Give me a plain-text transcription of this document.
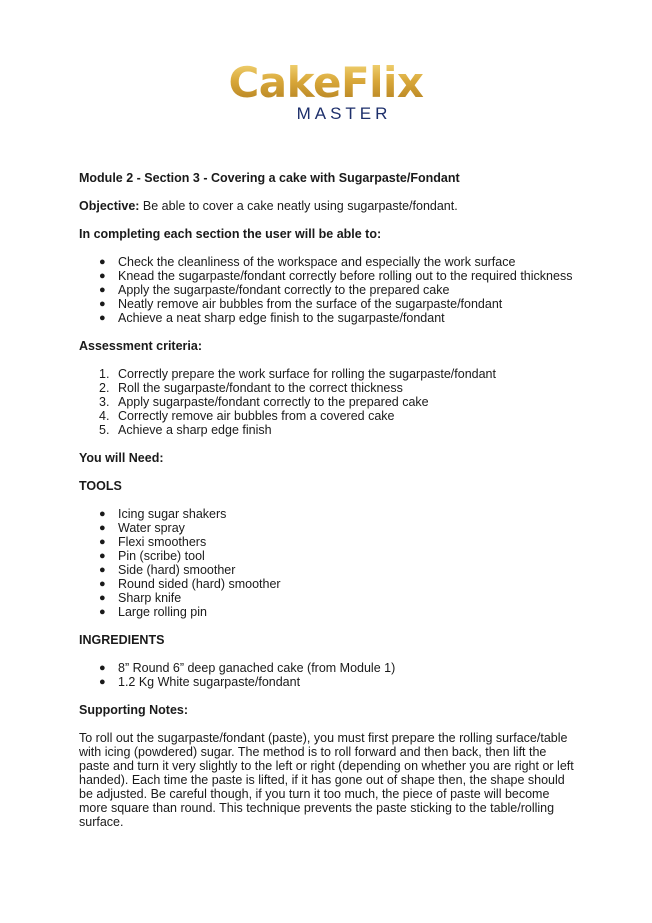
CakeFlix
MASTER

Module 2 - Section 3 - Covering a cake with Sugarpaste/Fondant

Objective: Be able to cover a cake neatly using sugarpaste/fondant.

In completing each section the user will be able to:

● Check the cleanliness of the workspace and especially the work surface
● Knead the sugarpaste/fondant correctly before rolling out to the required thickness
● Apply the sugarpaste/fondant correctly to the prepared cake
● Neatly remove air bubbles from the surface of the sugarpaste/fondant
● Achieve a neat sharp edge finish to the sugarpaste/fondant

Assessment criteria:

1. Correctly prepare the work surface for rolling the sugarpaste/fondant
2. Roll the sugarpaste/fondant to the correct thickness
3. Apply sugarpaste/fondant correctly to the prepared cake
4. Correctly remove air bubbles from a covered cake
5. Achieve a sharp edge finish

You will Need:

TOOLS

● Icing sugar shakers
● Water spray
● Flexi smoothers
● Pin (scribe) tool
● Side (hard) smoother
● Round sided (hard) smoother
● Sharp knife
● Large rolling pin

INGREDIENTS

● 8” Round 6” deep ganached cake (from Module 1)
● 1.2 Kg White sugarpaste/fondant

Supporting Notes:

To roll out the sugarpaste/fondant (paste), you must first prepare the rolling surface/table with icing (powdered) sugar. The method is to roll forward and then back, then lift the paste and turn it very slightly to the left or right (depending on whether you are right or left handed). Each time the paste is lifted, if it has gone out of shape then, the shape should be adjusted. Be careful though, if you turn it too much, the piece of paste will become more square than round. This technique prevents the paste sticking to the table/rolling surface.
